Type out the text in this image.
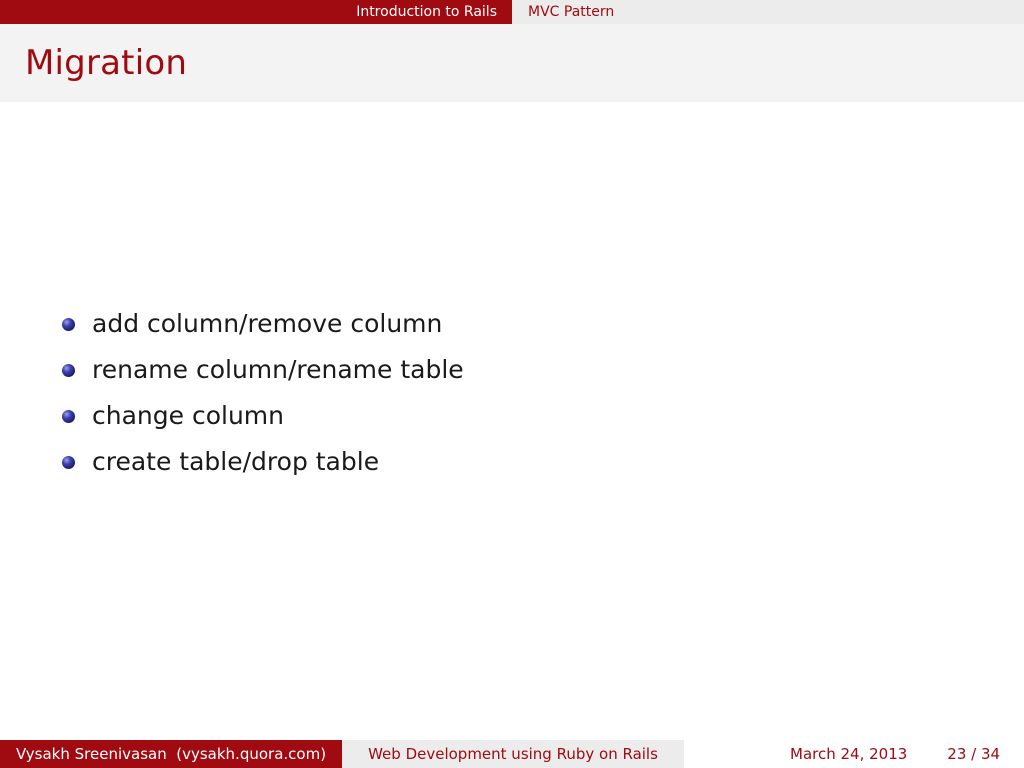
Introduction to Rails MVC Pattern
Migration
add column/remove column
rename column/rename table
change column
create table/drop table
Vysakh Sreenivasan  (vysakh.quora.com)	Web Development using Ruby on Rails	March 24, 2013	23 / 34
